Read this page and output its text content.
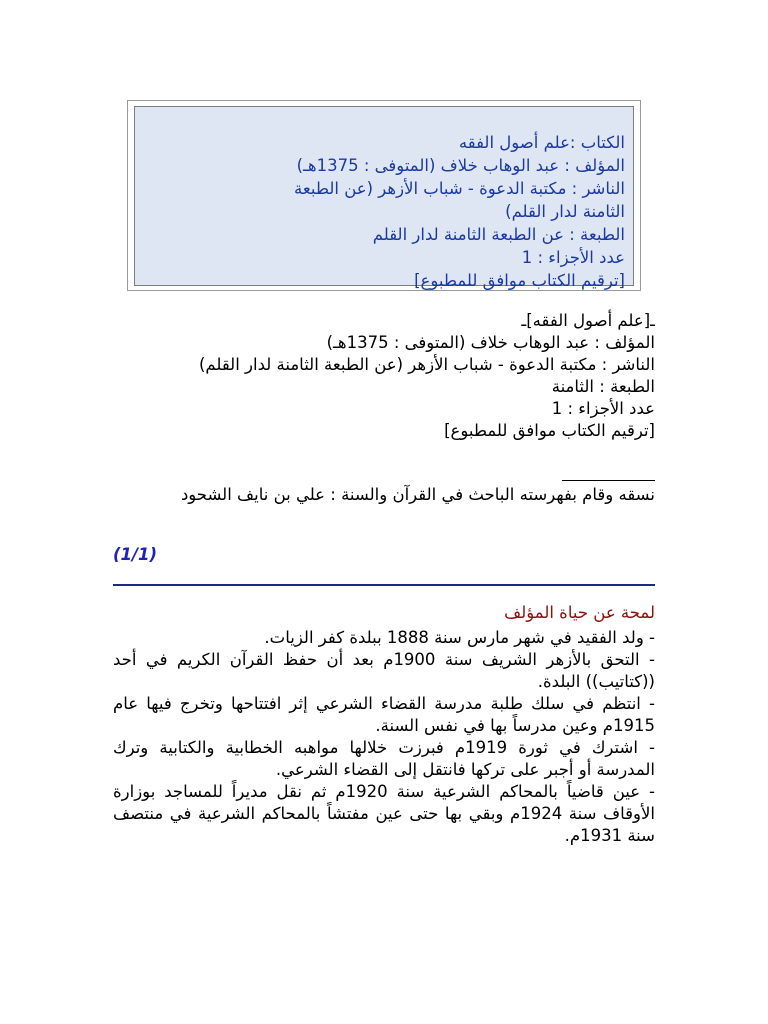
الكتاب :علم أصول الفقه
المؤلف : عبد الوهاب خلاف (المتوفى : 1375هـ)
الناشر : مكتبة الدعوة - شباب الأزهر (عن الطبعة
الثامنة لدار القلم)
الطبعة : عن الطبعة الثامنة لدار القلم
عدد الأجزاء : 1
[ترقيم الكتاب موافق للمطبوع]
ـ[علم أصول الفقه]ـ
المؤلف : عبد الوهاب خلاف (المتوفى : 1375هـ)
الناشر : مكتبة الدعوة - شباب الأزهر (عن الطبعة الثامنة لدار القلم)
الطبعة : الثامنة
عدد الأجزاء : 1
[ترقيم الكتاب موافق للمطبوع]
نسقه وقام بفهرسته الباحث في القرآن والسنة : علي بن نايف الشحود
(1/1)
لمحة عن حياة المؤلف

- ولد الفقيد في شهر مارس سنة 1888 ببلدة كفر الزيات.

- التحق بالأزهر الشريف سنة 1900م بعد أن حفظ القرآن الكريم في أحد ((كتاتيب)) البلدة.

- انتظم في سلك طلبة مدرسة القضاء الشرعي إثر افتتاحها وتخرج فيها عام 1915م وعين مدرساً بها في نفس السنة.

- اشترك في ثورة 1919م فبرزت خلالها مواهبه الخطابية والكتابية وترك المدرسة أو أجبر على تركها فانتقل إلى القضاء الشرعي.

- عين قاضياً بالمحاكم الشرعية سنة 1920م ثم نقل مديراً للمساجد بوزارة الأوقاف سنة 1924م وبقي بها حتى عين مفتشاً بالمحاكم الشرعية في منتصف سنة 1931م.
